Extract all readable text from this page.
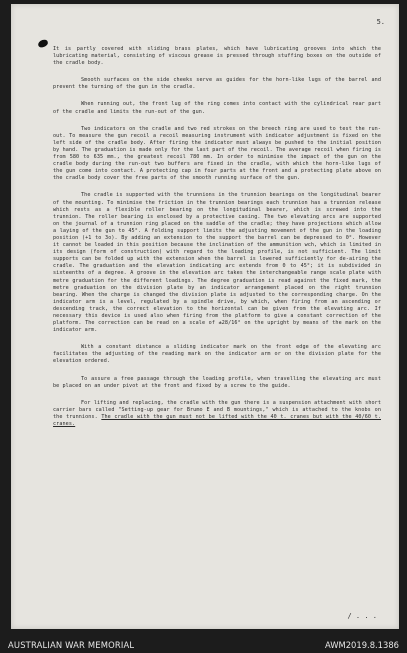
5.

It is partly covered with sliding brass plates, which have lubricating grooves into which the lubricating material, consisting of viscous grease is pressed through stuffing boxes on the outside of the cradle body.

Smooth surfaces on the side cheeks serve as guides for the horn-like lugs of the barrel and prevent the turning of the gun in the cradle.

When running out, the front lug of the ring comes into contact with the cylindrical rear part of the cradle and limits the run-out of the gun.

Two indicators on the cradle and two red strokes on the breech ring are used to test the run-out. To measure the gun recoil a recoil measuring instrument with indicator adjustment is fixed on the left side of the cradle body. After firing the indicator must always be pushed to the initial position by hand. The graduation is made only for the last part of the recoil. The average recoil when firing is from 580 to 635 mm., the greatest recoil 780 mm. In order to minimise the impact of the gun on the cradle body during the run-out two buffers are fixed in the cradle, with which the horn-like lugs of the gun come into contact. A protecting cap in four parts at the front and a protecting plate above on the cradle body cover the free parts of the smooth running surface of the gun.

The cradle is supported with the trunnions in the trunnion bearings on the longitudinal bearer of the mounting. To minimise the friction in the trunnion bearings each trunnion has a trunnion release which rests as a flexible roller bearing on the longitudinal bearer, which is screwed into the trunnion. The roller bearing is enclosed by a protective casing. The two elevating arcs are supported on the journal of a trunnion ring placed on the saddle of the cradle; they have projections which allow a laying of the gun to 45°. A folding support limits the adjusting movement of the gun in the loading position (+1 to 3o). By adding an extension to the support the barrel can be depressed to 0°. However it cannot be loaded in this position because the inclination of the ammunition wch, which is limited in its design (form of construction) with regard to the loading profile, is not sufficient. The limit supports can be folded up with the extension when the barrel is lowered sufficiently for de-airing the cradle. The graduation and the elevation indicating arc extends from 0 to 45°; it is subdivided in sixteenths of a degree. A groove in the elevation arc takes the interchangeable range scale plate with metre graduation for the different loadings. The degree graduation is read against the fixed mark, the metre graduation on the division plate by an indicator arrangement placed on the right trunnion bearing. When the charge is changed the division plate is adjusted to the corresponding charge. On the indicator arm is a level, regulated by a spindle drive, by which, when firing from an ascending or descending track, the correct elevation to the horizontal can be given from the elevating arc. If necessary this device is used also when firing from the platform to give a constant correction of the platform. The correction can be read on a scale of ±28/16° on the upright by means of the mark on the indicator arm.

With a constant distance a sliding indicator mark on the front edge of the elevating arc facilitates the adjusting of the reading mark on the indicator arm or on the division plate for the elevation ordered.

To assure a free passage through the loading profile, when travelling the elevating arc must be placed on an under pivot at the front and fixed by a screw to the guide.

For lifting and replacing, the cradle with the gun there is a suspension attachment with short carrier bars called "Setting-up gear for Brumo E and B mountings," which is attached to the knobs on the trunnions. The cradle with the gun must not be lifted with the 40 t. cranes but with the 40/60 t. cranes.

/ . . .
AUSTRALIAN WAR MEMORIAL	AWM2019.8.1386
